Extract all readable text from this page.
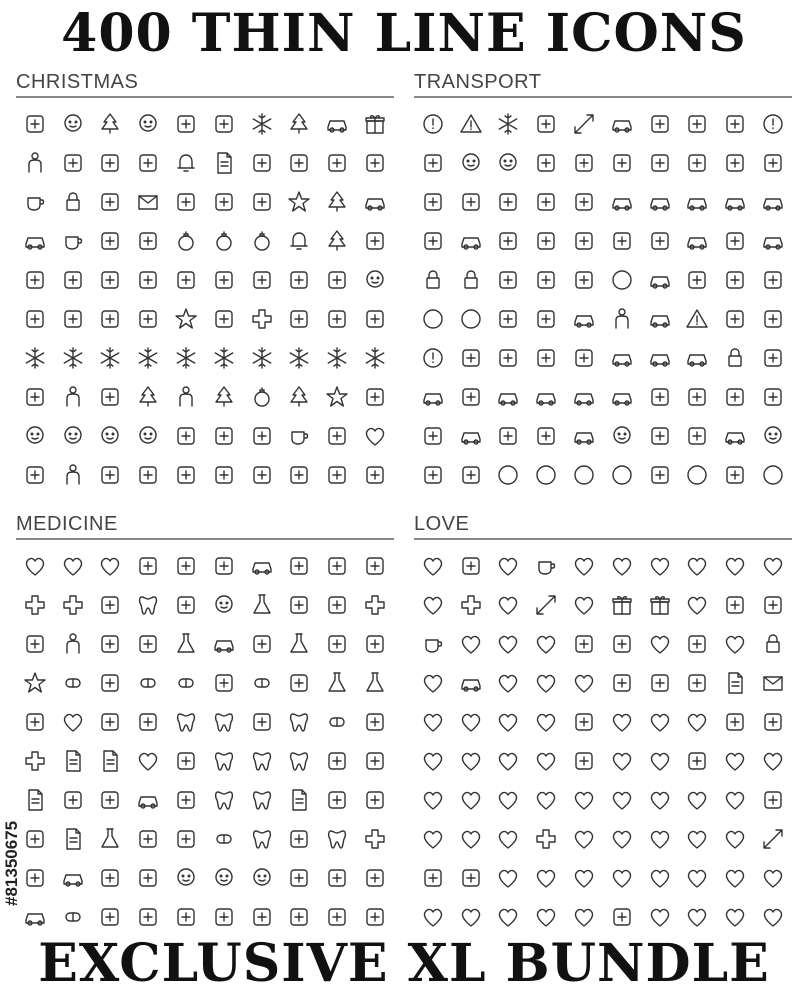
400 THIN LINE ICONS
CHRISTMAS	TRANSPORT
MEDICINE	LOVE
#81350675
EXCLUSIVE XL BUNDLE
